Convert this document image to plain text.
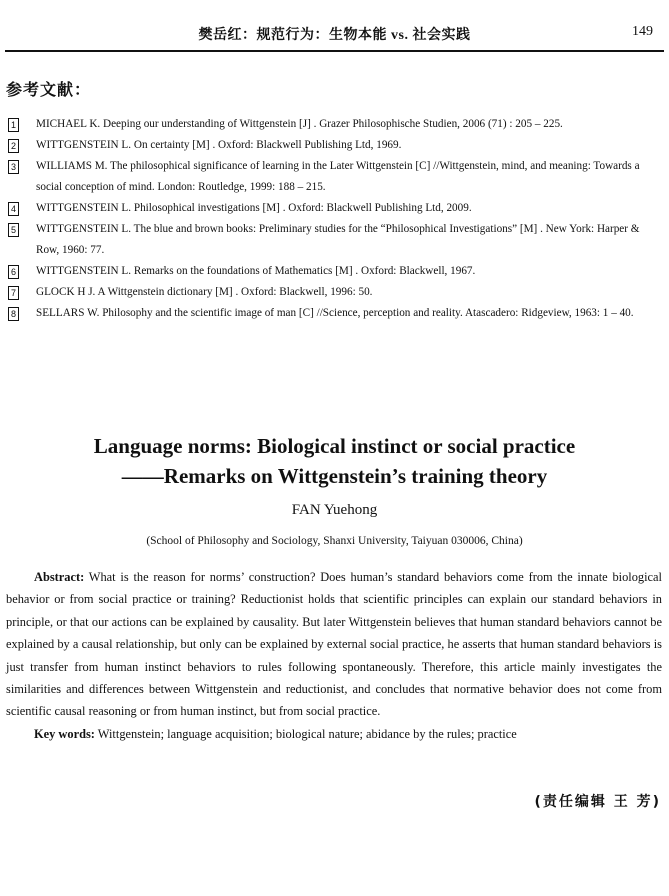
樊岳红：规范行为：生物本能 vs. 社会实践	149
参考文献：
1 MICHAEL K. Deeping our understanding of Wittgenstein [J] . Grazer Philosophische Studien, 2006 (71) : 205 – 225.
2 WITTGENSTEIN L. On certainty [M] . Oxford: Blackwell Publishing Ltd, 1969.
3 WILLIAMS M. The philosophical significance of learning in the Later Wittgenstein [C] //Wittgenstein, mind, and meaning: Towards a social conception of mind. London: Routledge, 1999: 188 – 215.
4 WITTGENSTEIN L. Philosophical investigations [M] . Oxford: Blackwell Publishing Ltd, 2009.
5 WITTGENSTEIN L. The blue and brown books: Preliminary studies for the “Philosophical Investigations” [M] . New York: Harper & Row, 1960: 77.
6 WITTGENSTEIN L. Remarks on the foundations of Mathematics [M] . Oxford: Blackwell, 1967.
7 GLOCK H J. A Wittgenstein dictionary [M] . Oxford: Blackwell, 1996: 50.
8 SELLARS W. Philosophy and the scientific image of man [C] //Science, perception and reality. Atascadero: Ridgeview, 1963: 1 – 40.
Language norms: Biological instinct or social practice
——Remarks on Wittgenstein’s training theory
FAN Yuehong
(School of Philosophy and Sociology, Shanxi University, Taiyuan 030006, China)

Abstract: What is the reason for norms’ construction? Does human’s standard behaviors come from the innate biological behavior or from social practice or training? Reductionist holds that scientific principles can explain our standard behaviors in principle, or that our actions can be explained by causality. But later Wittgenstein believes that human standard behaviors cannot be explained by a causal relationship, but only can be explained by external social practice, he asserts that human standard behaviors is just transfer from human instinct behaviors to rules following spontaneously. Therefore, this article mainly investigates the similarities and differences between Wittgenstein and reductionist, and concludes that normative behavior does not come from scientific causal reasoning or from human instinct, but from social practice.

Key words: Wittgenstein; language acquisition; biological nature; abidance by the rules; practice

(责任编辑 王 芳)
